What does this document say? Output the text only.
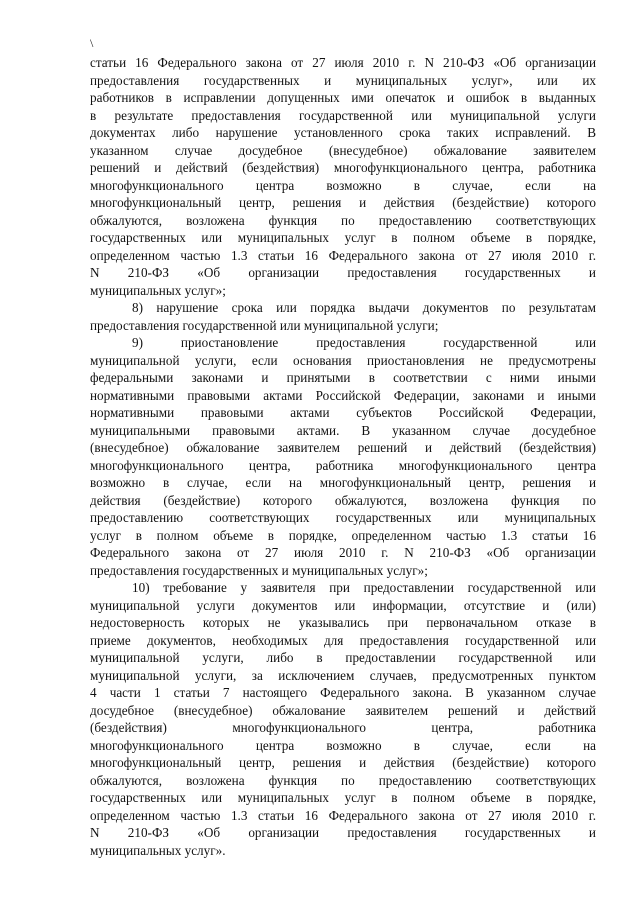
\
статьи 16 Федерального закона от 27 июля 2010 г. N 210-ФЗ «Об организации
предоставления государственных и муниципальных услуг», или их
работников в исправлении допущенных ими опечаток и ошибок в выданных
в результате предоставления государственной или муниципальной услуги
документах либо нарушение установленного срока таких исправлений. В
указанном случае досудебное (внесудебное) обжалование заявителем
решений и действий (бездействия) многофункционального центра, работника
многофункционального центра возможно в случае, если на
многофункциональный центр, решения и действия (бездействие) которого
обжалуются, возложена функция по предоставлению соответствующих
государственных или муниципальных услуг в полном объеме в порядке,
определенном частью 1.3 статьи 16 Федерального закона от 27 июля 2010 г.
N 210-ФЗ «Об организации предоставления государственных и
муниципальных услуг»;
8) нарушение срока или порядка выдачи документов по результатам
предоставления государственной или муниципальной услуги;
9) приостановление предоставления государственной или
муниципальной услуги, если основания приостановления не предусмотрены
федеральными законами и принятыми в соответствии с ними иными
нормативными правовыми актами Российской Федерации, законами и иными
нормативными правовыми актами субъектов Российской Федерации,
муниципальными правовыми актами. В указанном случае досудебное
(внесудебное) обжалование заявителем решений и действий (бездействия)
многофункционального центра, работника многофункционального центра
возможно в случае, если на многофункциональный центр, решения и
действия (бездействие) которого обжалуются, возложена функция по
предоставлению соответствующих государственных или муниципальных
услуг в полном объеме в порядке, определенном частью 1.3 статьи 16
Федерального закона от 27 июля 2010 г. N 210-ФЗ «Об организации
предоставления государственных и муниципальных услуг»;
10) требование у заявителя при предоставлении государственной или
муниципальной услуги документов или информации, отсутствие и (или)
недостоверность которых не указывались при первоначальном отказе в
приеме документов, необходимых для предоставления государственной или
муниципальной услуги, либо в предоставлении государственной или
муниципальной услуги, за исключением случаев, предусмотренных пунктом
4 части 1 статьи 7 настоящего Федерального закона. В указанном случае
досудебное (внесудебное) обжалование заявителем решений и действий
(бездействия) многофункционального центра, работника
многофункционального центра возможно в случае, если на
многофункциональный центр, решения и действия (бездействие) которого
обжалуются, возложена функция по предоставлению соответствующих
государственных или муниципальных услуг в полном объеме в порядке,
определенном частью 1.3 статьи 16 Федерального закона от 27 июля 2010 г.
N 210-ФЗ «Об организации предоставления государственных и
муниципальных услуг».
